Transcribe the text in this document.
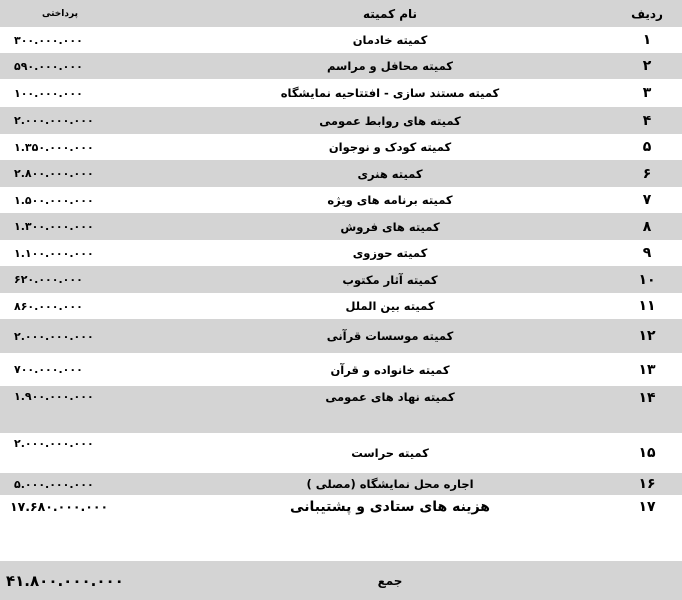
ردیف
نام کمیته
پرداختی
۱
کمیته خادمان
۳۰۰.۰۰۰.۰۰۰
۲
کمیته محافل و مراسم
۵۹۰.۰۰۰.۰۰۰
۳
کمیته مستند سازی - افتتاحیه نمایشگاه
۱۰۰.۰۰۰.۰۰۰
۴
کمیته های روابط عمومی
۲.۰۰۰.۰۰۰.۰۰۰
۵
کمیته کودک و نوجوان
۱.۳۵۰.۰۰۰.۰۰۰
۶
کمیته هنری
۲.۸۰۰.۰۰۰.۰۰۰
۷
کمیته برنامه های ویژه
۱.۵۰۰.۰۰۰.۰۰۰
۸
کمیته های فروش
۱.۳۰۰.۰۰۰.۰۰۰
۹
کمیته حوزوی
۱.۱۰۰.۰۰۰.۰۰۰
۱۰
کمیته آثار مکتوب
۶۲۰.۰۰۰.۰۰۰
۱۱
کمیته بین الملل
۸۶۰.۰۰۰.۰۰۰
۱۲
کمیته موسسات قرآنی
۲.۰۰۰.۰۰۰.۰۰۰
۱۳
کمیته خانواده و قرآن
۷۰۰.۰۰۰.۰۰۰
۱۴
کمیته نهاد های عمومی
۱.۹۰۰.۰۰۰.۰۰۰
۱۵
کمیته حراست
۲.۰۰۰.۰۰۰.۰۰۰
۱۶
اجاره محل نمایشگاه (مصلی )
۵.۰۰۰.۰۰۰.۰۰۰
۱۷
هزینه های ستادی و پشتیبانی
۱۷.۶۸۰.۰۰۰.۰۰۰
جمع
۴۱.۸۰۰.۰۰۰.۰۰۰
